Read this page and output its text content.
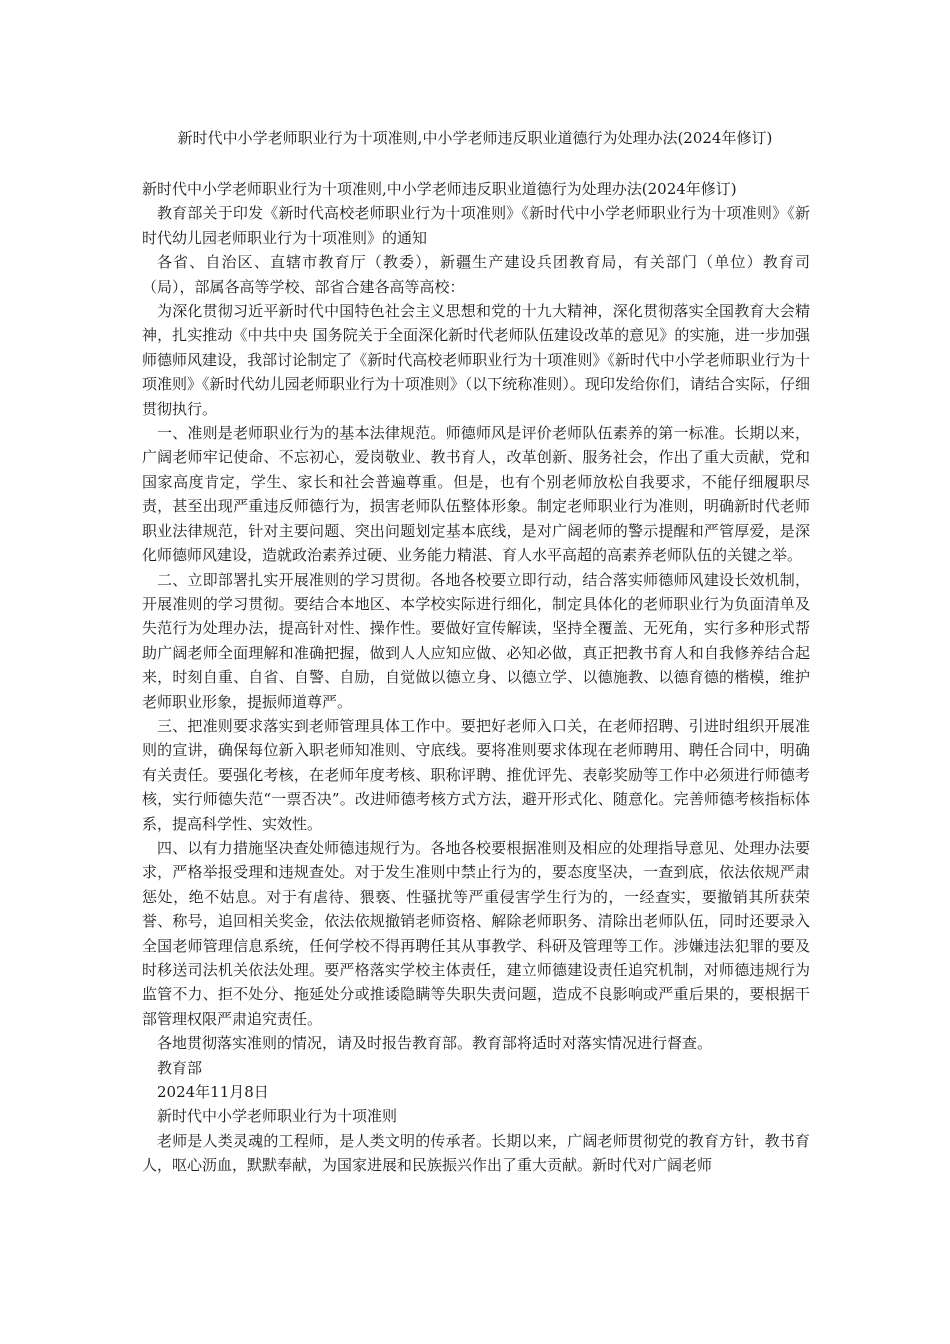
新时代中小学老师职业行为十项准则,中小学老师违反职业道德行为处理办法(2024年修订)

新时代中小学老师职业行为十项准则,中小学老师违反职业道德行为处理办法(2024年修订)

教育部关于印发《新时代高校老师职业行为十项准则》《新时代中小学老师职业行为十项准则》《新时代幼儿园老师职业行为十项准则》的通知

各省、自治区、直辖市教育厅（教委），新疆生产建设兵团教育局，有关部门（单位）教育司（局），部属各高等学校、部省合建各高等高校：

为深化贯彻习近平新时代中国特色社会主义思想和党的十九大精神，深化贯彻落实全国教育大会精神，扎实推动《中共中央 国务院关于全面深化新时代老师队伍建设改革的意见》的实施，进一步加强师德师风建设，我部讨论制定了《新时代高校老师职业行为十项准则》《新时代中小学老师职业行为十项准则》《新时代幼儿园老师职业行为十项准则》（以下统称准则）。现印发给你们，请结合实际，仔细贯彻执行。

一、准则是老师职业行为的基本法律规范。师德师风是评价老师队伍素养的第一标准。长期以来，广阔老师牢记使命、不忘初心，爱岗敬业、教书育人，改革创新、服务社会，作出了重大贡献，党和国家高度肯定，学生、家长和社会普遍尊重。但是，也有个别老师放松自我要求，不能仔细履职尽责，甚至出现严重违反师德行为，损害老师队伍整体形象。制定老师职业行为准则，明确新时代老师职业法律规范，针对主要问题、突出问题划定基本底线，是对广阔老师的警示提醒和严管厚爱，是深化师德师风建设，造就政治素养过硬、业务能力精湛、育人水平高超的高素养老师队伍的关键之举。

二、立即部署扎实开展准则的学习贯彻。各地各校要立即行动，结合落实师德师风建设长效机制，开展准则的学习贯彻。要结合本地区、本学校实际进行细化，制定具体化的老师职业行为负面清单及失范行为处理办法，提高针对性、操作性。要做好宣传解读，坚持全覆盖、无死角，实行多种形式帮助广阔老师全面理解和准确把握，做到人人应知应做、必知必做，真正把教书育人和自我修养结合起来，时刻自重、自省、自警、自励，自觉做以德立身、以德立学、以德施教、以德育德的楷模，维护老师职业形象，提振师道尊严。

三、把准则要求落实到老师管理具体工作中。要把好老师入口关，在老师招聘、引进时组织开展准则的宣讲，确保每位新入职老师知准则、守底线。要将准则要求体现在老师聘用、聘任合同中，明确有关责任。要强化考核，在老师年度考核、职称评聘、推优评先、表彰奖励等工作中必须进行师德考核，实行师德失范“一票否决”。改进师德考核方式方法，避开形式化、随意化。完善师德考核指标体系，提高科学性、实效性。

四、以有力措施坚决查处师德违规行为。各地各校要根据准则及相应的处理指导意见、处理办法要求，严格举报受理和违规查处。对于发生准则中禁止行为的，要态度坚决，一查到底，依法依规严肃惩处，绝不姑息。对于有虐待、猥亵、性骚扰等严重侵害学生行为的，一经查实，要撤销其所获荣誉、称号，追回相关奖金，依法依规撤销老师资格、解除老师职务、清除出老师队伍，同时还要录入全国老师管理信息系统，任何学校不得再聘任其从事教学、科研及管理等工作。涉嫌违法犯罪的要及时移送司法机关依法处理。要严格落实学校主体责任，建立师德建设责任追究机制，对师德违规行为监管不力、拒不处分、拖延处分或推诿隐瞒等失职失责问题，造成不良影响或严重后果的，要根据干部管理权限严肃追究责任。

各地贯彻落实准则的情况，请及时报告教育部。教育部将适时对落实情况进行督查。

教育部

2024年11月8日

新时代中小学老师职业行为十项准则

老师是人类灵魂的工程师，是人类文明的传承者。长期以来，广阔老师贯彻党的教育方针，教书育人，呕心沥血，默默奉献，为国家进展和民族振兴作出了重大贡献。新时代对广阔老师
